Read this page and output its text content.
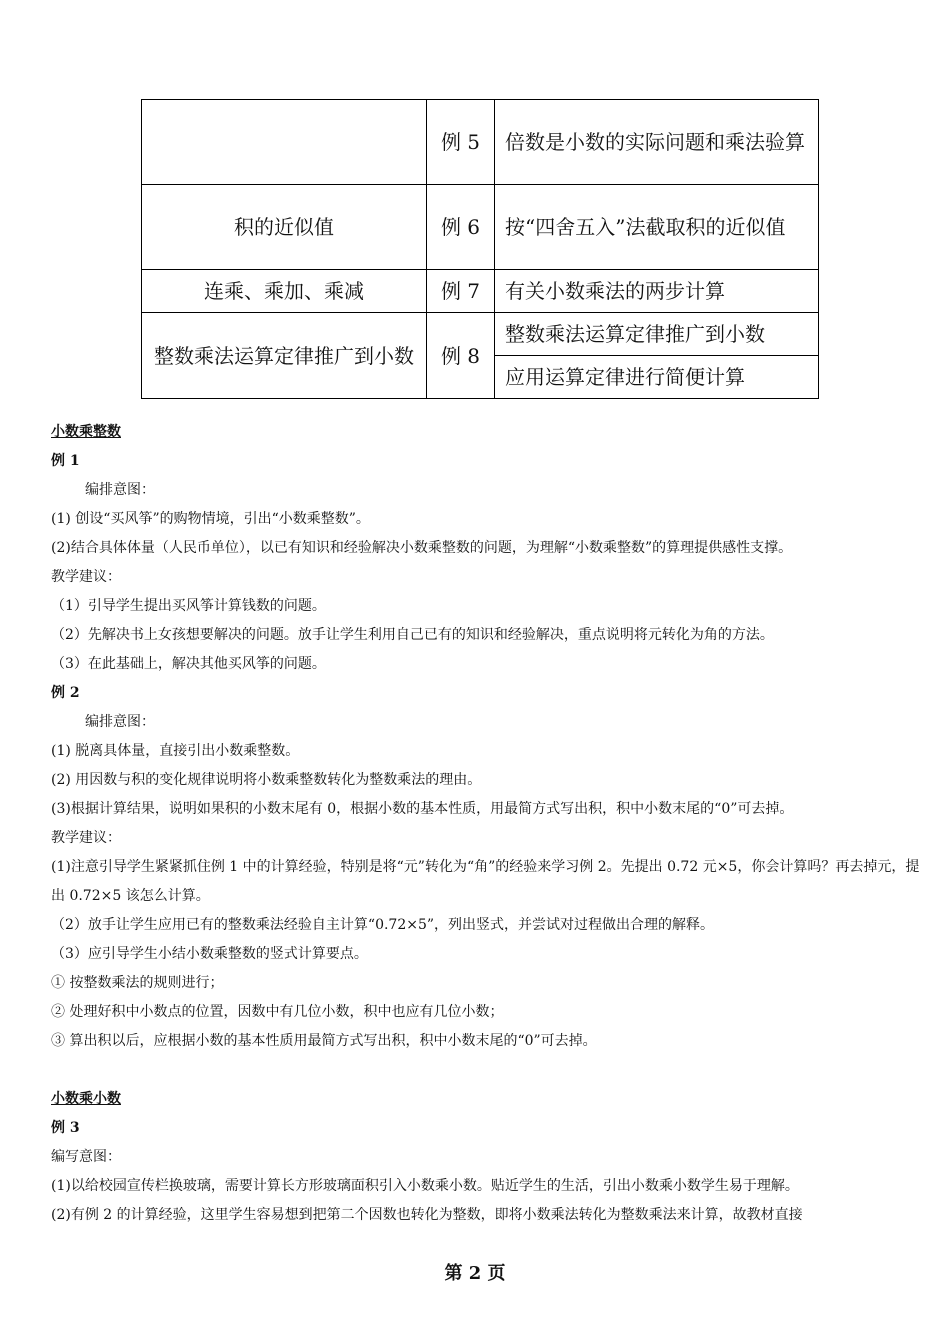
	例 5	倍数是小数的实际问题和乘法验算
积的近似值	例 6	按“四舍五入”法截取积的近似值
连乘、乘加、乘减	例 7	有关小数乘法的两步计算
整数乘法运算定律推广到小数	例 8	整数乘法运算定律推广到小数
		应用运算定律进行简便计算

小数乘整数

例 1

编排意图：

(1) 创设“买风筝”的购物情境，引出“小数乘整数”。

(2)结合具体体量（人民币单位），以已有知识和经验解决小数乘整数的问题，为理解“小数乘整数”的算理提供感性支撑。

教学建议：

（1）引导学生提出买风筝计算钱数的问题。

（2）先解决书上女孩想要解决的问题。放手让学生利用自己已有的知识和经验解决，重点说明将元转化为角的方法。

（3）在此基础上，解决其他买风筝的问题。

例 2

编排意图：

(1) 脱离具体量，直接引出小数乘整数。

(2) 用因数与积的变化规律说明将小数乘整数转化为整数乘法的理由。

(3)根据计算结果，说明如果积的小数末尾有 0，根据小数的基本性质，用最简方式写出积，积中小数末尾的“0”可去掉。

教学建议：

(1)注意引导学生紧紧抓住例 1 中的计算经验，特别是将“元”转化为“角”的经验来学习例 2。先提出 0.72 元×5，你会计算吗？再去掉元，提出 0.72×5 该怎么计算。

（2）放手让学生应用已有的整数乘法经验自主计算“0.72×5”，列出竖式，并尝试对过程做出合理的解释。

（3）应引导学生小结小数乘整数的竖式计算要点。

① 按整数乘法的规则进行；

② 处理好积中小数点的位置，因数中有几位小数，积中也应有几位小数；

③ 算出积以后，应根据小数的基本性质用最简方式写出积，积中小数末尾的“0”可去掉。

小数乘小数

例 3

编写意图：

(1)以给校园宣传栏换玻璃，需要计算长方形玻璃面积引入小数乘小数。贴近学生的生活，引出小数乘小数学生易于理解。

(2)有例 2 的计算经验，这里学生容易想到把第二个因数也转化为整数，即将小数乘法转化为整数乘法来计算，故教材直接

第 2 页
